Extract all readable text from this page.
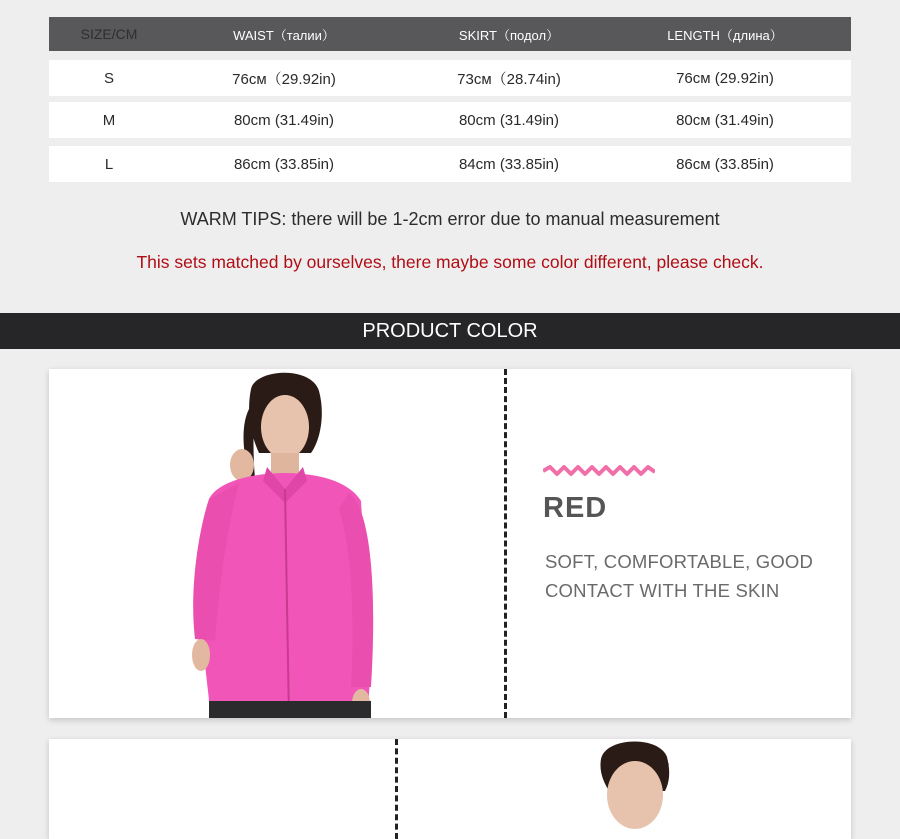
SIZE/CM	WAIST（талии）	SKIRT（подол）	LENGTH（длина）
S	76см（29.92in)	73см（28.74in)	76см (29.92in)
M	80cm (31.49in)	80cm (31.49in)	80см (31.49in)
L	86cm (33.85in)	84cm (33.85in)	86см (33.85in)
WARM TIPS: there will be 1-2cm error due to manual measurement
This sets matched by ourselves, there maybe some color different, please check.
PRODUCT COLOR
RED
SOFT, COMFORTABLE, GOOD
CONTACT WITH THE SKIN
